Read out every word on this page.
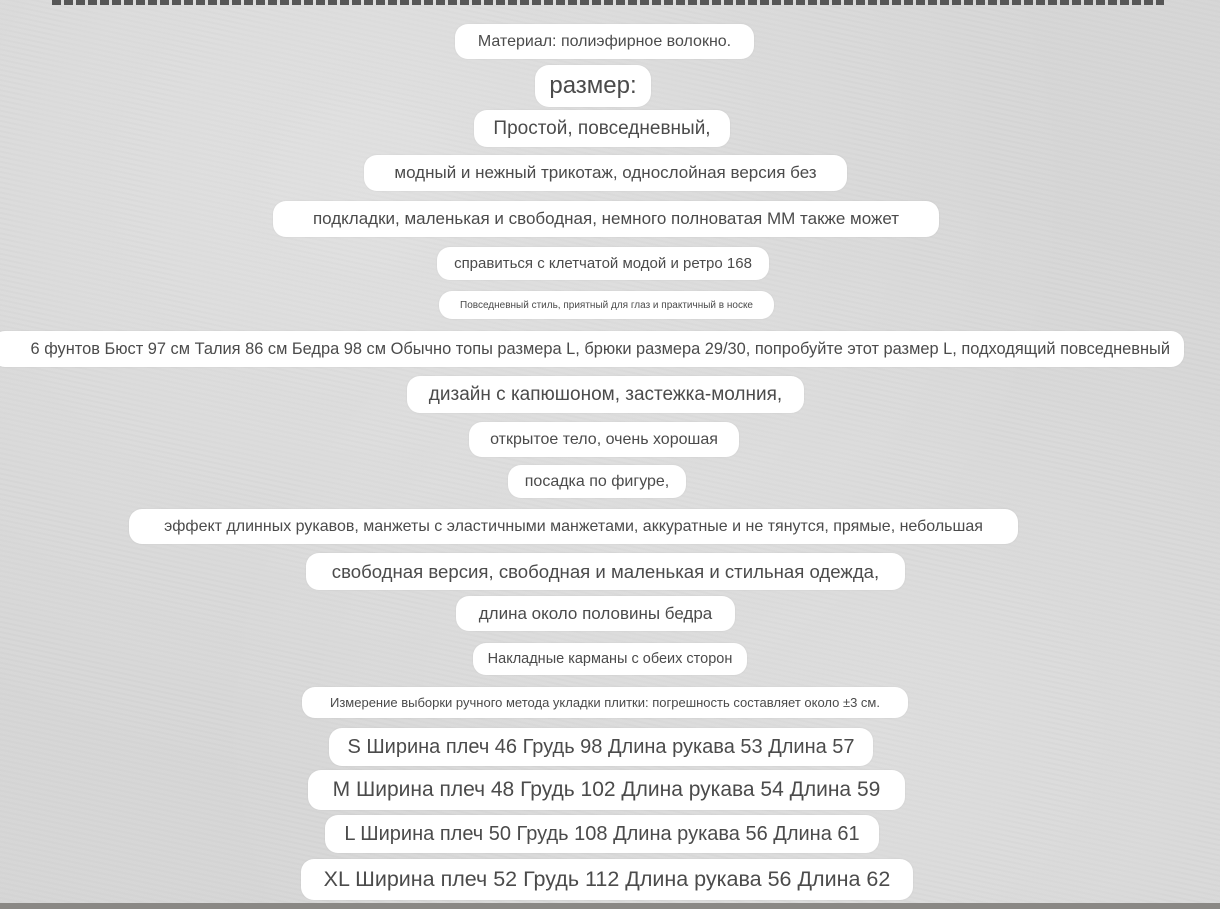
Материал: полиэфирное волокно.
размер:
Простой, повседневный,
модный и нежный трикотаж, однослойная версия без
подкладки, маленькая и свободная, немного полноватая ММ также может
справиться с клетчатой модой и ретро 168
Повседневный стиль, приятный для глаз и практичный в носке
6 фунтов Бюст 97 см Талия 86 см Бедра 98 см Обычно топы размера L, брюки размера 29/30, попробуйте этот размер L, подходящий повседневный
дизайн с капюшоном, застежка-молния,
открытое тело, очень хорошая
посадка по фигуре,
эффект длинных рукавов, манжеты с эластичными манжетами, аккуратные и не тянутся, прямые, небольшая
свободная версия, свободная и маленькая и стильная одежда,
длина около половины бедра
Накладные карманы с обеих сторон
Измерение выборки ручного метода укладки плитки: погрешность составляет около ±3 см.
S Ширина плеч 46 Грудь 98 Длина рукава 53 Длина 57
M Ширина плеч 48 Грудь 102 Длина рукава 54 Длина 59
L Ширина плеч 50 Грудь 108 Длина рукава 56 Длина 61
XL Ширина плеч 52 Грудь 112 Длина рукава 56 Длина 62
